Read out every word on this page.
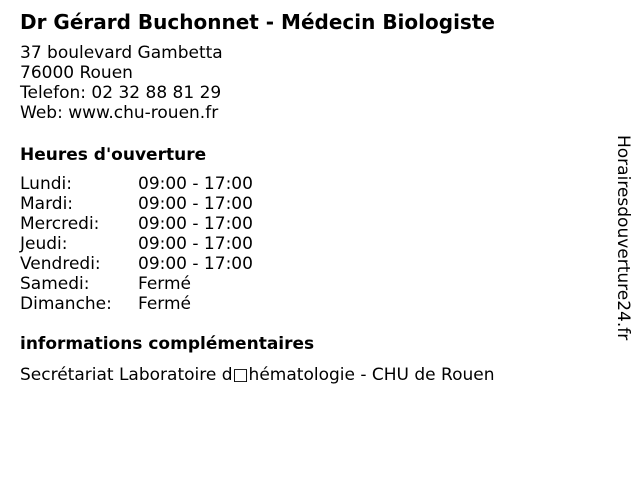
Dr Gérard Buchonnet - Médecin Biologiste
37 boulevard Gambetta
76000 Rouen
Telefon: 02 32 88 81 29
Web: www.chu-rouen.fr
Heures d'ouverture
Lundi:	09:00 - 17:00
Mardi:	09:00 - 17:00
Mercredi: 09:00 - 17:00
Jeudi:	09:00 - 17:00
Vendredi: 09:00 - 17:00
Samedi:	Fermé
Dimanche: Fermé
informations complémentaires
Secrétariat Laboratoire d□hématologie - CHU de Rouen
Horairesdouverture24.fr
